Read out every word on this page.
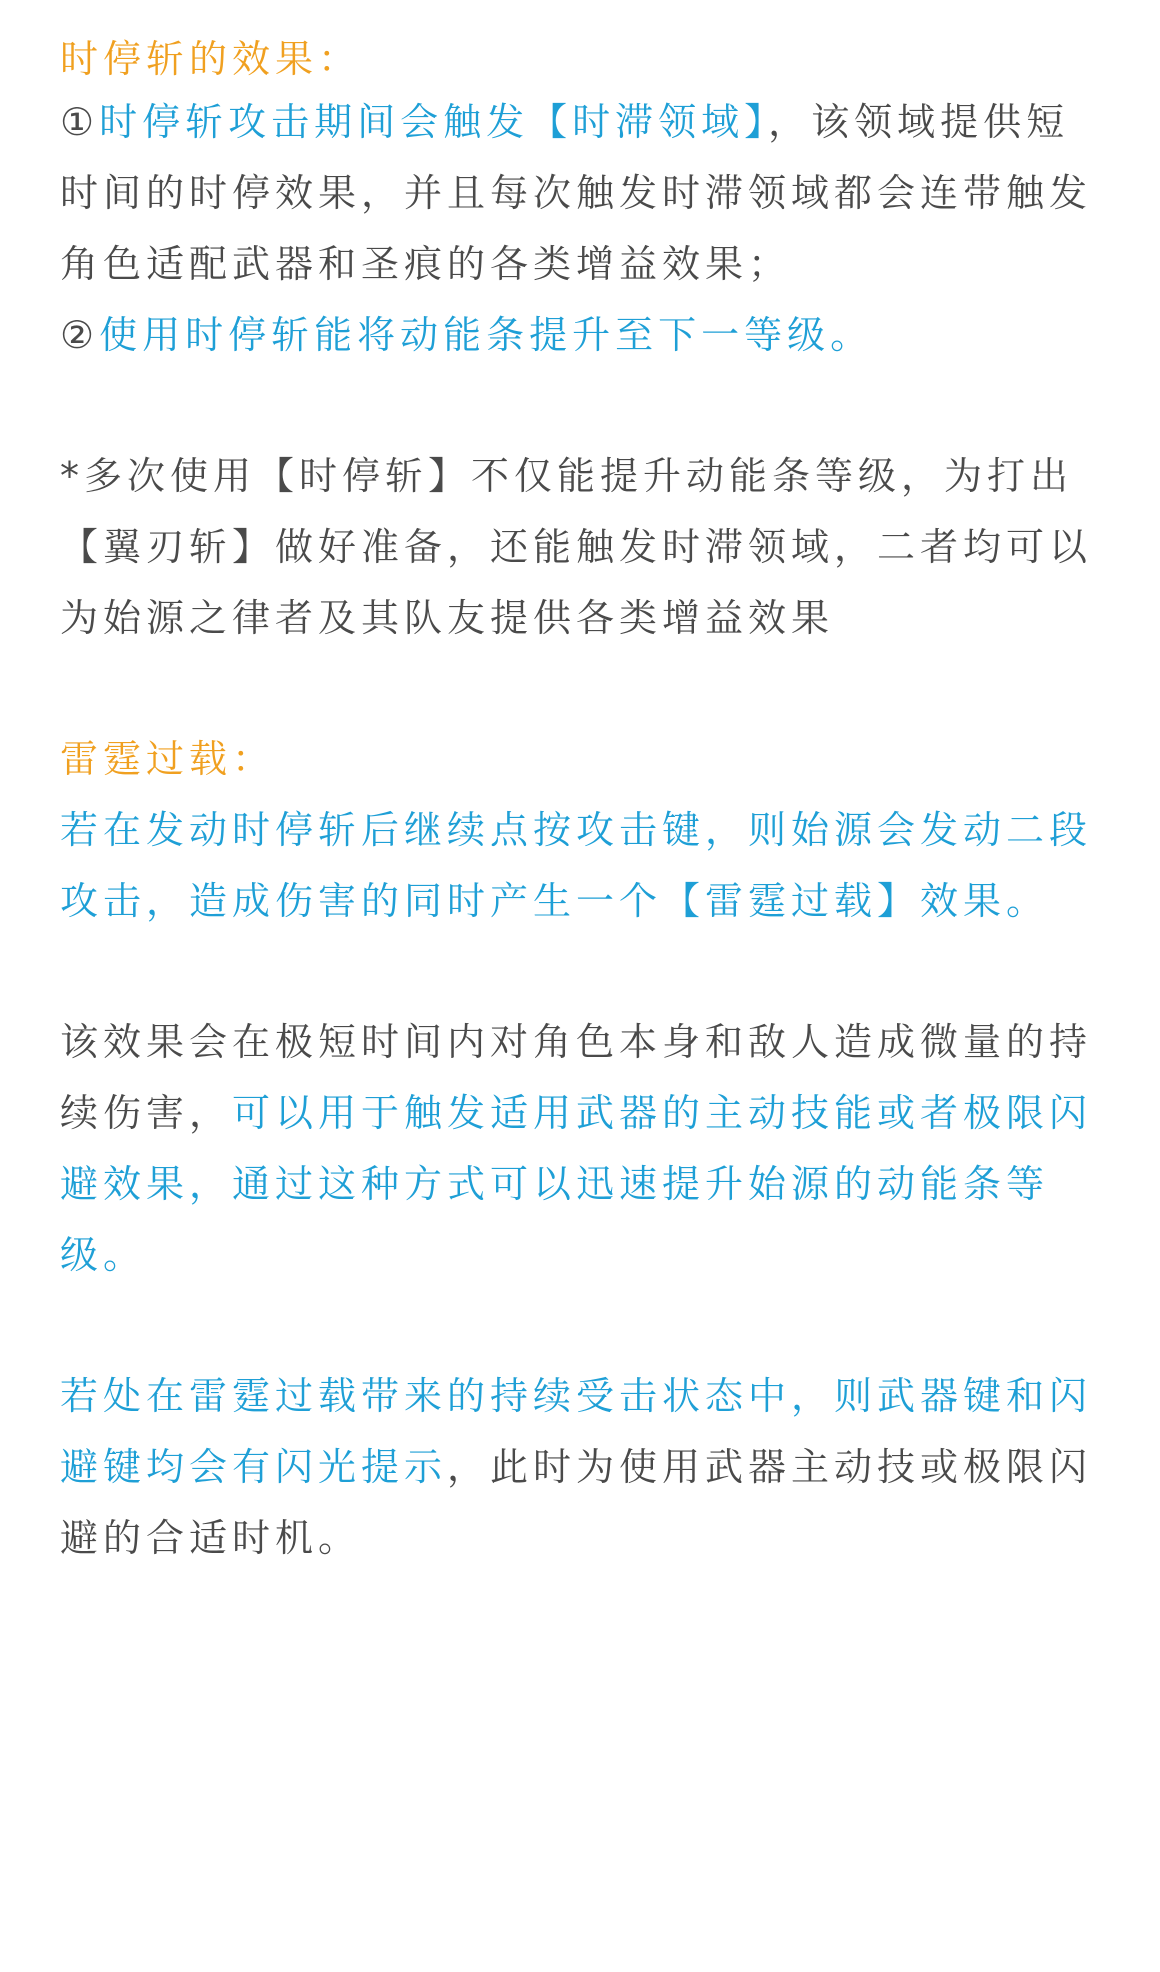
时停斩的效果：
①时停斩攻击期间会触发【时滞领域】，该领域提供短
时间的时停效果，并且每次触发时滞领域都会连带触发
角色适配武器和圣痕的各类增益效果；
②使用时停斩能将动能条提升至下一等级。
*多次使用【时停斩】不仅能提升动能条等级，为打出
【翼刃斩】做好准备，还能触发时滞领域，二者均可以
为始源之律者及其队友提供各类增益效果
雷霆过载：
若在发动时停斩后继续点按攻击键，则始源会发动二段
攻击，造成伤害的同时产生一个【雷霆过载】效果。
该效果会在极短时间内对角色本身和敌人造成微量的持
续伤害，可以用于触发适用武器的主动技能或者极限闪
避效果，通过这种方式可以迅速提升始源的动能条等
级。
若处在雷霆过载带来的持续受击状态中，则武器键和闪
避键均会有闪光提示，此时为使用武器主动技或极限闪
避的合适时机。
